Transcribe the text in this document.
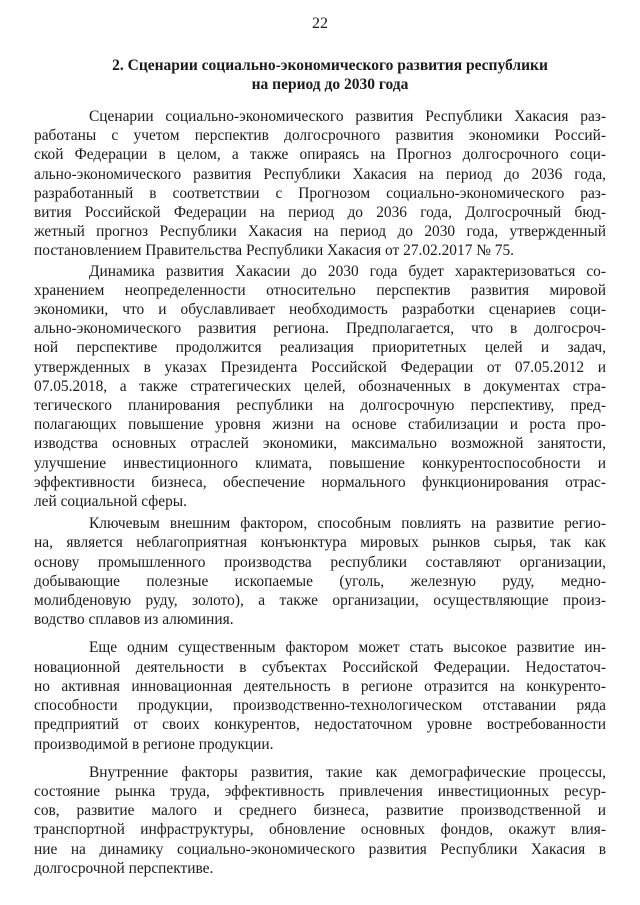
22
2. Сценарии социально-экономического развития республики
на период до 2030 года

Сценарии социально-экономического развития Республики Хакасия раз-
работаны с учетом перспектив долгосрочного развития экономики Россий-
ской Федерации в целом, а также опираясь на Прогноз долгосрочного соци-
ально-экономического развития Республики Хакасия на период до 2036 года,
разработанный в соответствии с Прогнозом социально-экономического раз-
вития Российской Федерации на период до 2036 года, Долгосрочный бюд-
жетный прогноз Республики Хакасия на период до 2030 года, утвержденный
постановлением Правительства Республики Хакасия от 27.02.2017 № 75.

Динамика развития Хакасии до 2030 года будет характеризоваться со-
хранением неопределенности относительно перспектив развития мировой
экономики, что и обуславливает необходимость разработки сценариев соци-
ально-экономического развития региона. Предполагается, что в долгосроч-
ной перспективе продолжится реализация приоритетных целей и задач,
утвержденных в указах Президента Российской Федерации от 07.05.2012 и
07.05.2018, а также стратегических целей, обозначенных в документах стра-
тегического планирования республики на долгосрочную перспективу, пред-
полагающих повышение уровня жизни на основе стабилизации и роста про-
изводства основных отраслей экономики, максимально возможной занятости,
улучшение инвестиционного климата, повышение конкурентоспособности и
эффективности бизнеса, обеспечение нормального функционирования отрас-
лей социальной сферы.

Ключевым внешним фактором, способным повлиять на развитие регио-
на, является неблагоприятная конъюнктура мировых рынков сырья, так как
основу промышленного производства республики составляют организации,
добывающие полезные ископаемые (уголь, железную руду, медно-
молибденовую руду, золото), а также организации, осуществляющие произ-
водство сплавов из алюминия.

Еще одним существенным фактором может стать высокое развитие ин-
новационной деятельности в субъектах Российской Федерации. Недостаточ-
но активная инновационная деятельность в регионе отразится на конкуренто-
способности продукции, производственно-технологическом отставании ряда
предприятий от своих конкурентов, недостаточном уровне востребованности
производимой в регионе продукции.

Внутренние факторы развития, такие как демографические процессы,
состояние рынка труда, эффективность привлечения инвестиционных ресур-
сов, развитие малого и среднего бизнеса, развитие производственной и
транспортной инфраструктуры, обновление основных фондов, окажут влия-
ние на динамику социально-экономического развития Республики Хакасия в
долгосрочной перспективе.
